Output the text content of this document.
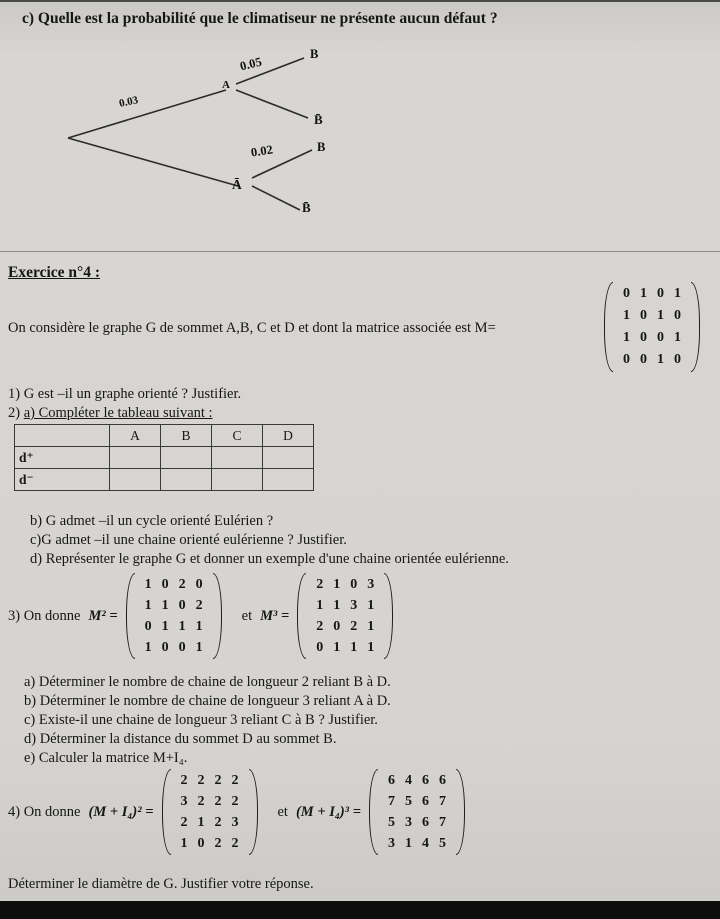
c) Quelle est la probabilité que le climatiseur ne présente aucun défaut ?
0.05
B
A
0.03
B̄
0.02	B
Ā
B̄
Exercice n°4 :
On considère le graphe G de sommet A,B, C et D et dont la matrice associée est M=
0 1 0 1
1 0 1 0
1 0 0 1
0 0 1 0
1) G est –il un graphe orienté ? Justifier.
2) a) Compléter le tableau suivant :
	A	B	C	D
d⁺				
d⁻				
b) G admet –il un cycle orienté Eulérien ?
c)G admet –il une chaine orienté eulérienne ? Justifier.
d) Représenter le graphe G et donner un exemple d'une chaine orientée eulérienne.
3) On donne M² =
1 0 2 0
1 1 0 2
0 1 1 1
1 0 0 1
et M³ =
2 1 0 3
1 1 3 1
2 0 2 1
0 1 1 1
a) Déterminer le nombre de chaine de longueur 2 reliant B à D.
b) Déterminer le nombre de chaine de longueur 3 reliant A à D.
c) Existe-il une chaine de longueur 3 reliant C à B ? Justifier.
d) Déterminer la distance du sommet D au sommet B.
e) Calculer la matrice M+I₄.
4) On donne (M + I₄)² =
2 2 2 2
3 2 2 2
2 1 2 3
1 0 2 2
et (M + I₄)³ =
6 4 6 6
7 5 6 7
5 3 6 7
3 1 4 5
Déterminer le diamètre de G. Justifier votre réponse.
